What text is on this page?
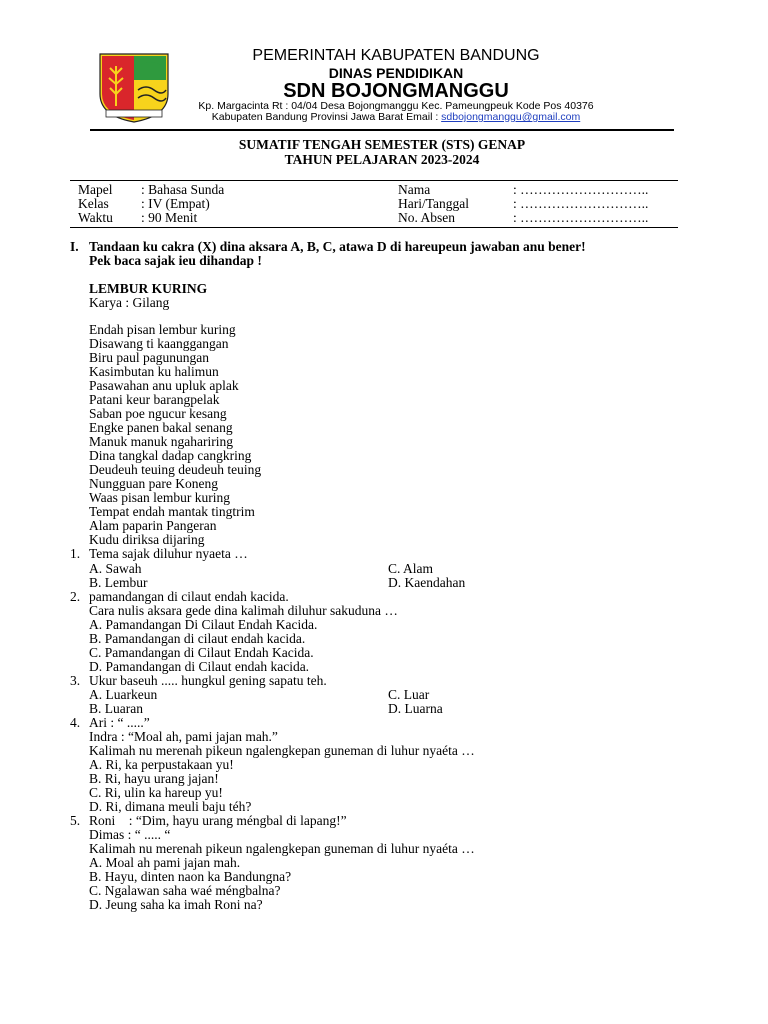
PEMERINTAH KABUPATEN BANDUNG
DINAS PENDIDIKAN
SDN BOJONGMANGGU
Kp. Margacinta Rt : 04/04 Desa Bojongmanggu Kec. Pameungpeuk Kode Pos 40376
Kabupaten Bandung Provinsi Jawa Barat Email : sdbojongmanggu@gmail.com
SUMATIF TENGAH SEMESTER (STS) GENAP
TAHUN PELAJARAN 2023-2024
Mapel : Bahasa Sunda	Nama	: ………………………..
Kelas : IV (Empat)	Hari/Tanggal	: ………………………..
Waktu : 90 Menit	No. Absen	: ………………………..
I. Tandaan ku cakra (X) dina aksara A, B, C, atawa D di hareupeun jawaban anu bener!
Pek baca sajak ieu dihandap !
LEMBUR KURING
Karya : Gilang
Endah pisan lembur kuring
Disawang ti kaanggangan
Biru paul pagunungan
Kasimbutan ku halimun
Pasawahan anu upluk aplak
Patani keur barangpelak
Saban poe ngucur kesang
Engke panen bakal senang
Manuk manuk ngahariring
Dina tangkal dadap cangkring
Deudeuh teuing deudeuh teuing
Nungguan pare Koneng
Waas pisan lembur kuring
Tempat endah mantak tingtrim
Alam paparin Pangeran
Kudu diriksa dijaring
1. Tema sajak diluhur nyaeta …
A. Sawah	C. Alam
B. Lembur	D. Kaendahan
2. pamandangan di cilaut endah kacida.
Cara nulis aksara gede dina kalimah diluhur sakuduna …
A. Pamandangan Di Cilaut Endah Kacida.
B. Pamandangan di cilaut endah kacida.
C. Pamandangan di Cilaut Endah Kacida.
D. Pamandangan di Cilaut endah kacida.
3. Ukur baseuh ..... hungkul gening sapatu teh.
A. Luarkeun	C. Luar
B. Luaran	D. Luarna
4. Ari : “ .....”
Indra : “Moal ah, pami jajan mah.”
Kalimah nu merenah pikeun ngalengkepan guneman di luhur nyaéta …
A. Ri, ka perpustakaan yu!
B. Ri, hayu urang jajan!
C. Ri, ulin ka hareup yu!
D. Ri, dimana meuli baju téh?
5. Roni    : “Dim, hayu urang méngbal di lapang!”
Dimas : “ ..... “
Kalimah nu merenah pikeun ngalengkepan guneman di luhur nyaéta …
A. Moal ah pami jajan mah.
B. Hayu, dinten naon ka Bandungna?
C. Ngalawan saha waé méngbalna?
D. Jeung saha ka imah Roni na?
